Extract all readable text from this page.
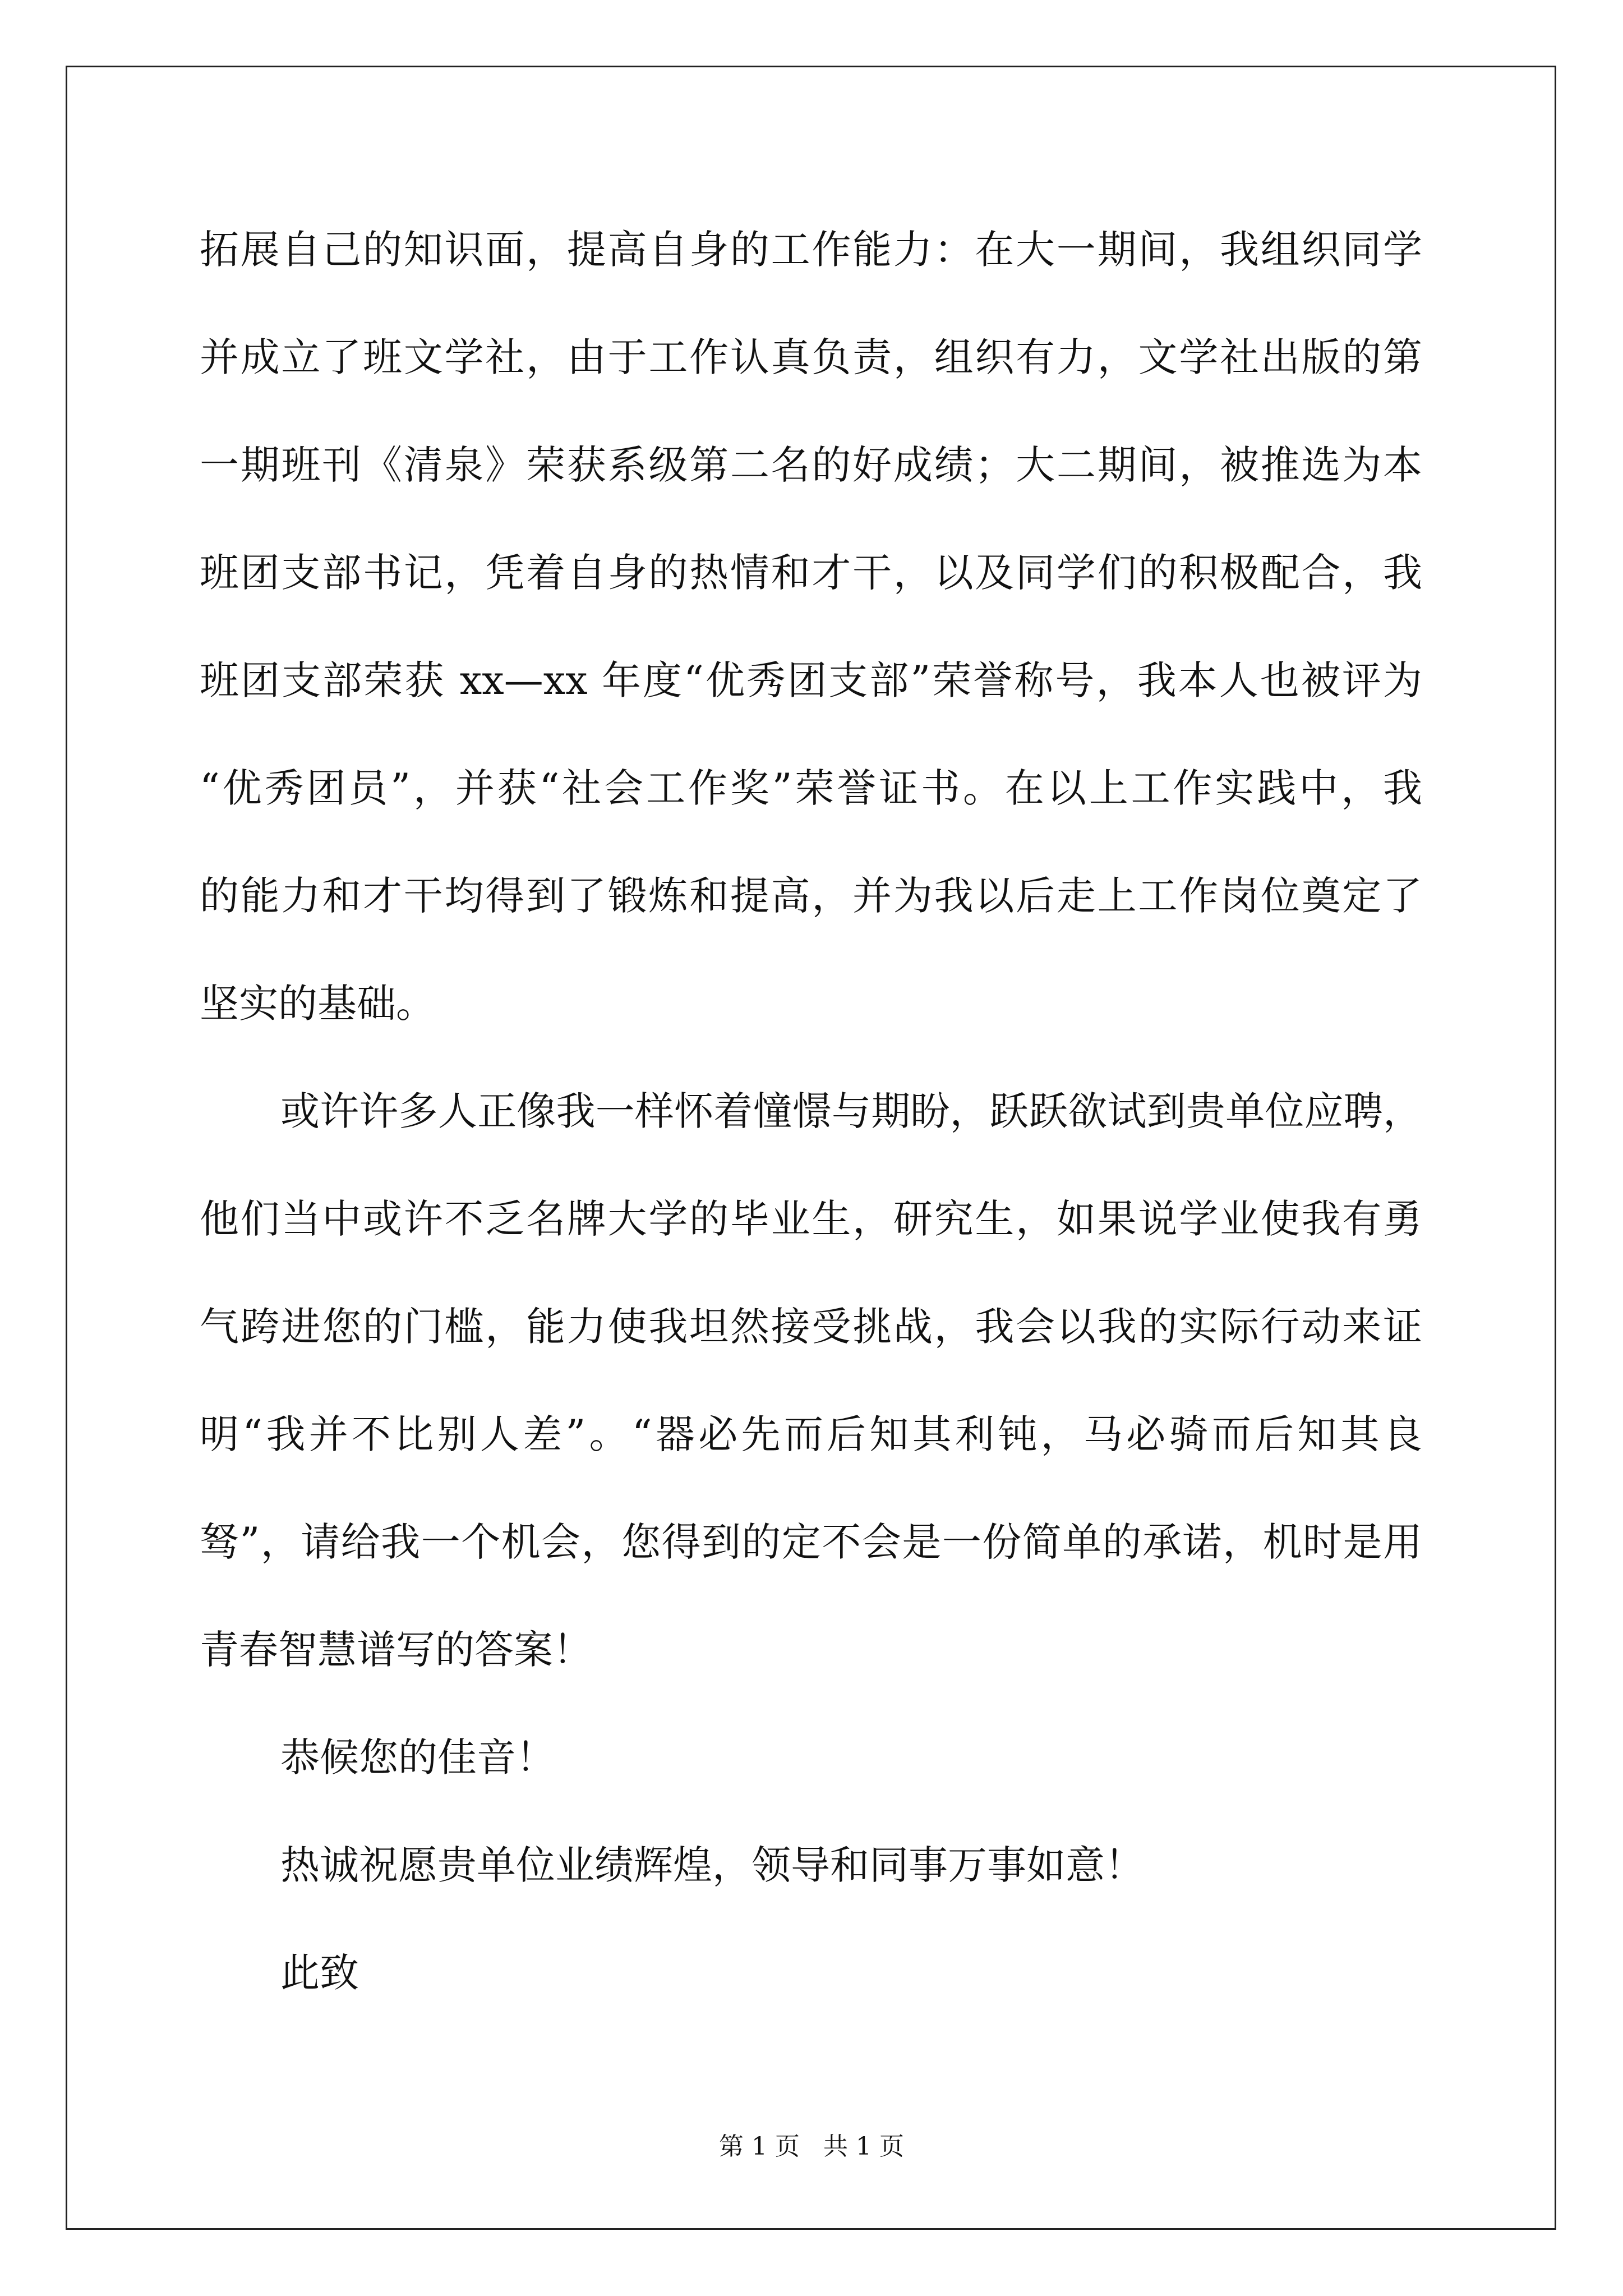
拓展自己的知识面，提高自身的工作能力：在大一期间，我组织同学
并成立了班文学社，由于工作认真负责，组织有力，文学社出版的第
一期班刊《清泉》荣获系级第二名的好成绩；大二期间，被推选为本
班团支部书记，凭着自身的热情和才干，以及同学们的积极配合，我
班团支部荣获 xx—xx 年度“优秀团支部”荣誉称号，我本人也被评为
“优秀团员”，并获“社会工作奖”荣誉证书。在以上工作实践中，我
的能力和才干均得到了锻炼和提高，并为我以后走上工作岗位奠定了
坚实的基础。
或许许多人正像我一样怀着憧憬与期盼，跃跃欲试到贵单位应聘，
他们当中或许不乏名牌大学的毕业生，研究生，如果说学业使我有勇
气跨进您的门槛，能力使我坦然接受挑战，我会以我的实际行动来证
明“我并不比别人差”。“器必先而后知其利钝，马必骑而后知其良
驽”，请给我一个机会，您得到的定不会是一份简单的承诺，机时是用
青春智慧谱写的答案！
恭候您的佳音！
热诚祝愿贵单位业绩辉煌，领导和同事万事如意！
此致
第 1 页   共 1 页
